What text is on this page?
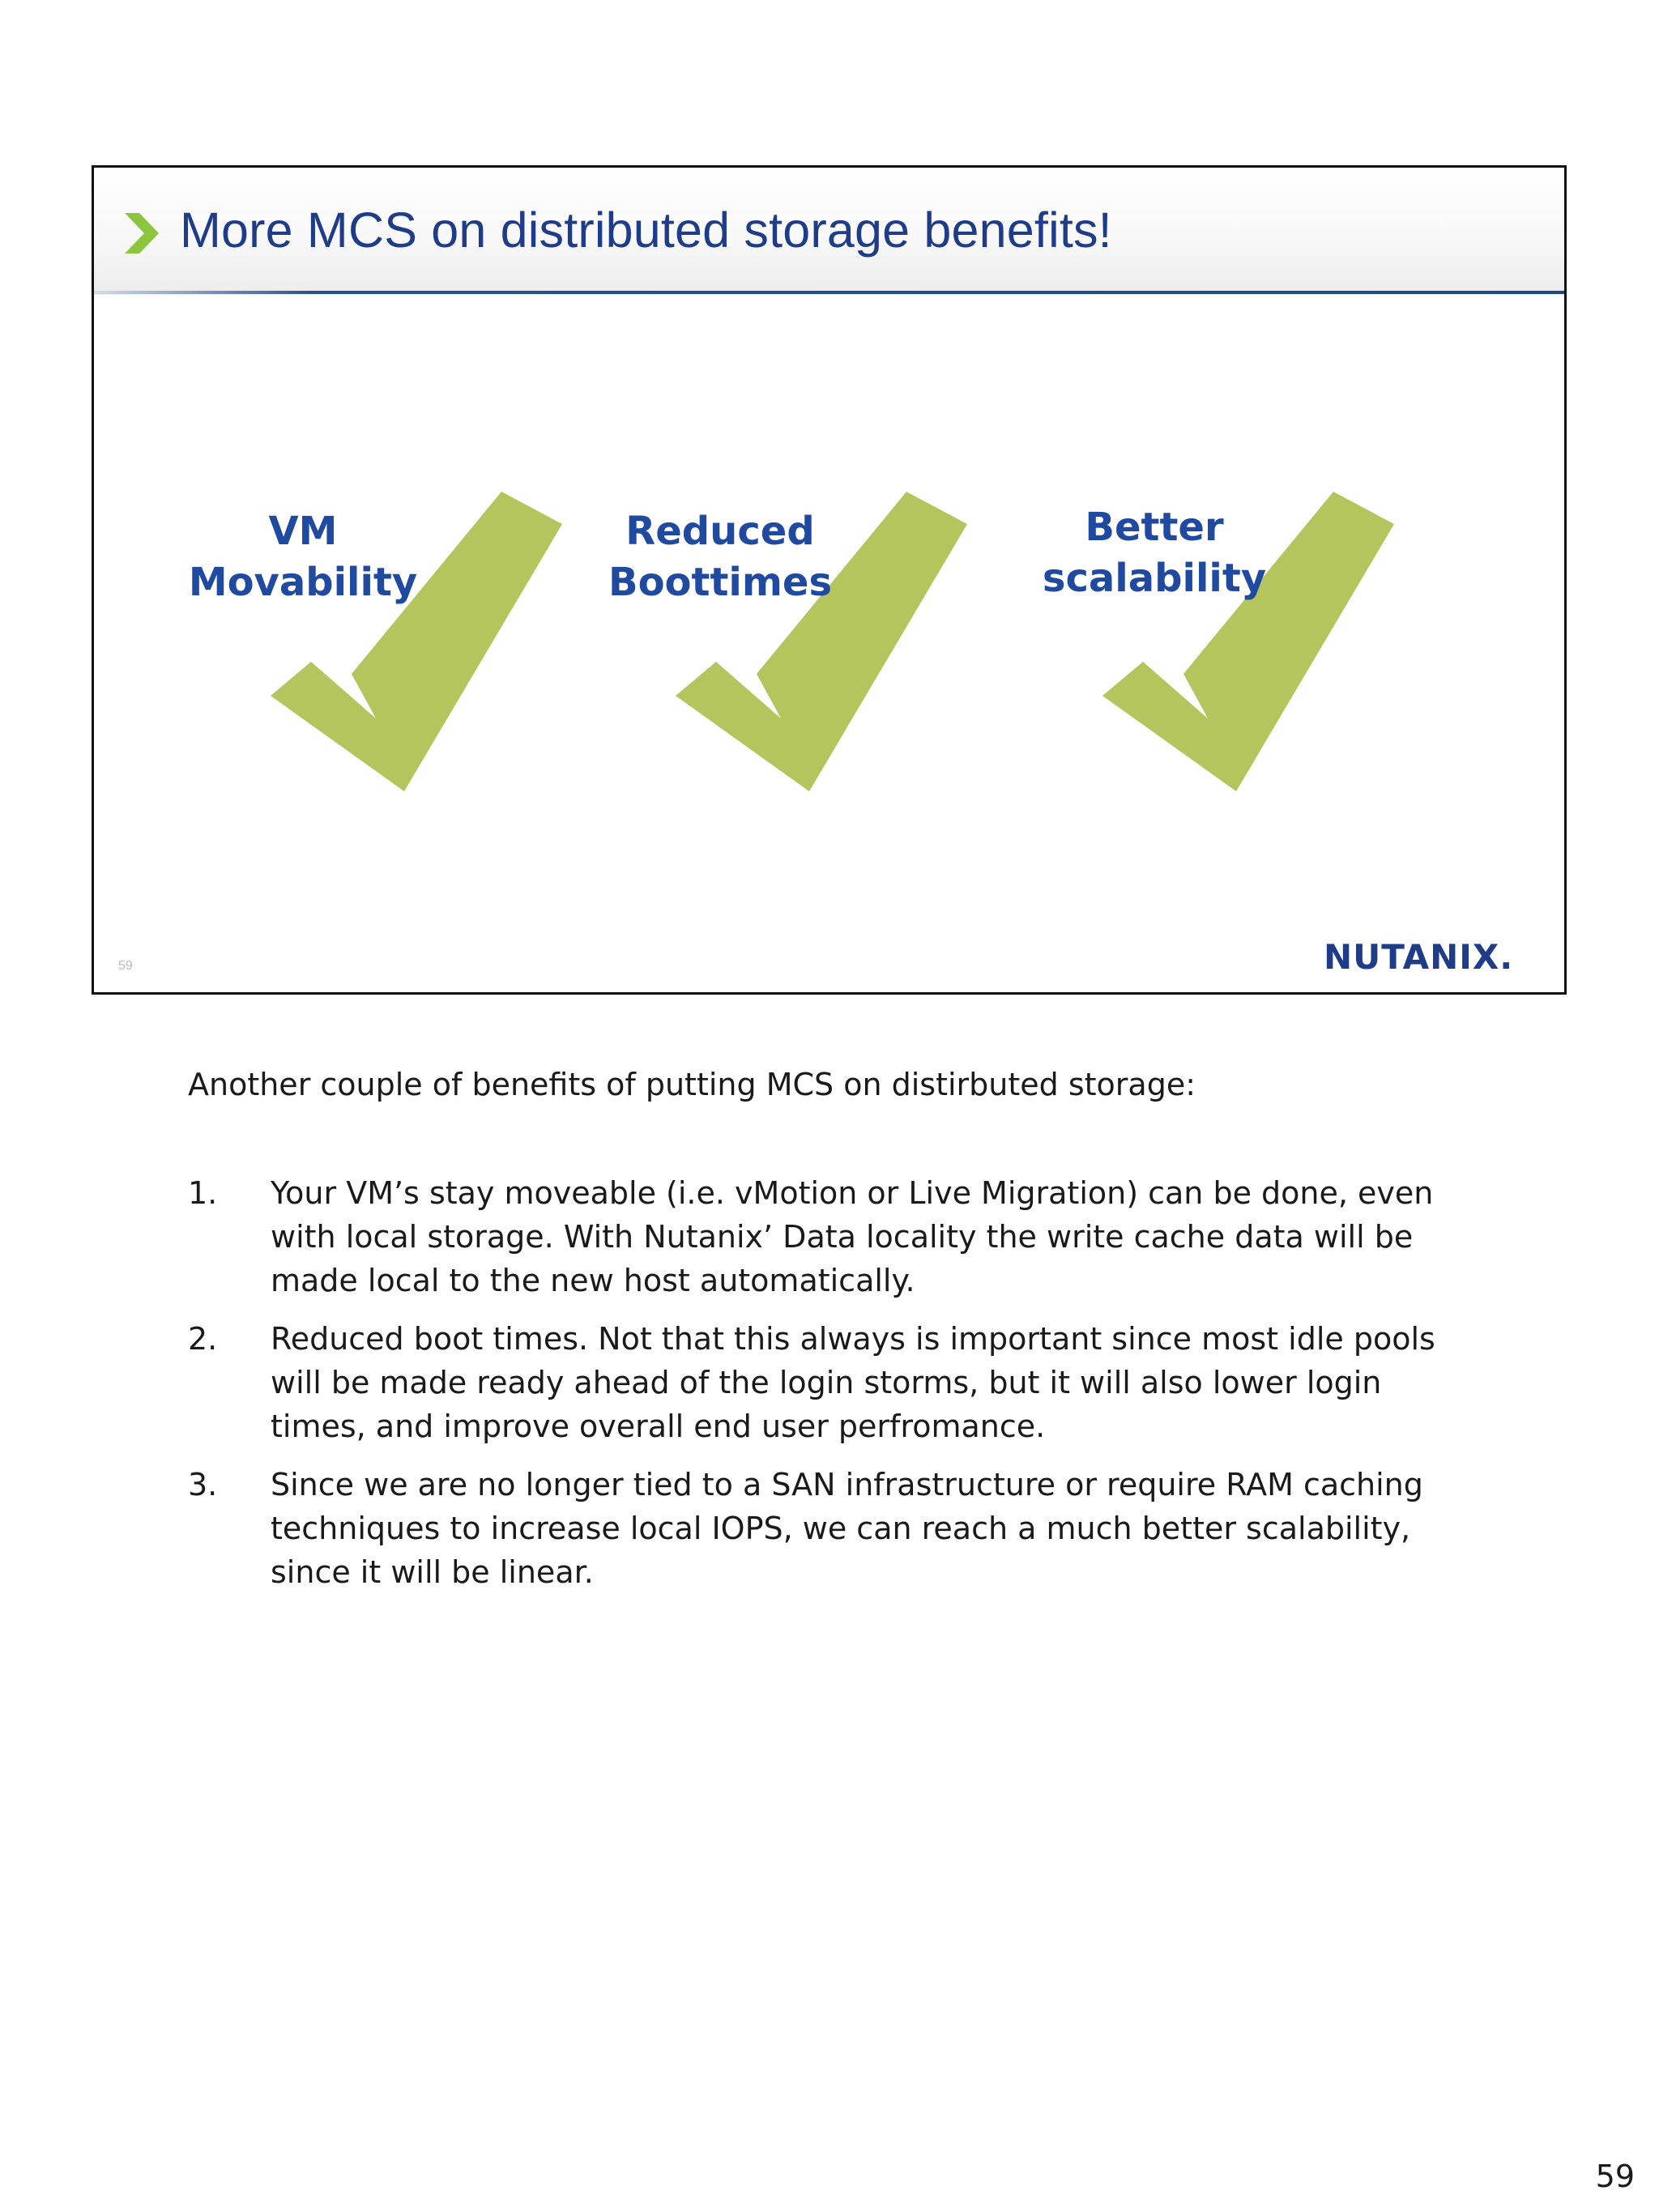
More MCS on distributed storage benefits!
VM
Movability
Reduced
Boottimes
Better
scalability
59	NUTANIX.

Another couple of benefits of putting MCS on distirbuted storage:

1. Your VM’s stay moveable (i.e. vMotion or Live Migration) can be done, even with local storage. With Nutanix’ Data locality the write cache data will be made local to the new host automatically.
2. Reduced boot times. Not that this always is important since most idle pools will be made ready ahead of the login storms, but it will also lower login times, and improve overall end user perfromance.
3. Since we are no longer tied to a SAN infrastructure or require RAM caching techniques to increase local IOPS, we can reach a much better scalability, since it will be linear.
59
